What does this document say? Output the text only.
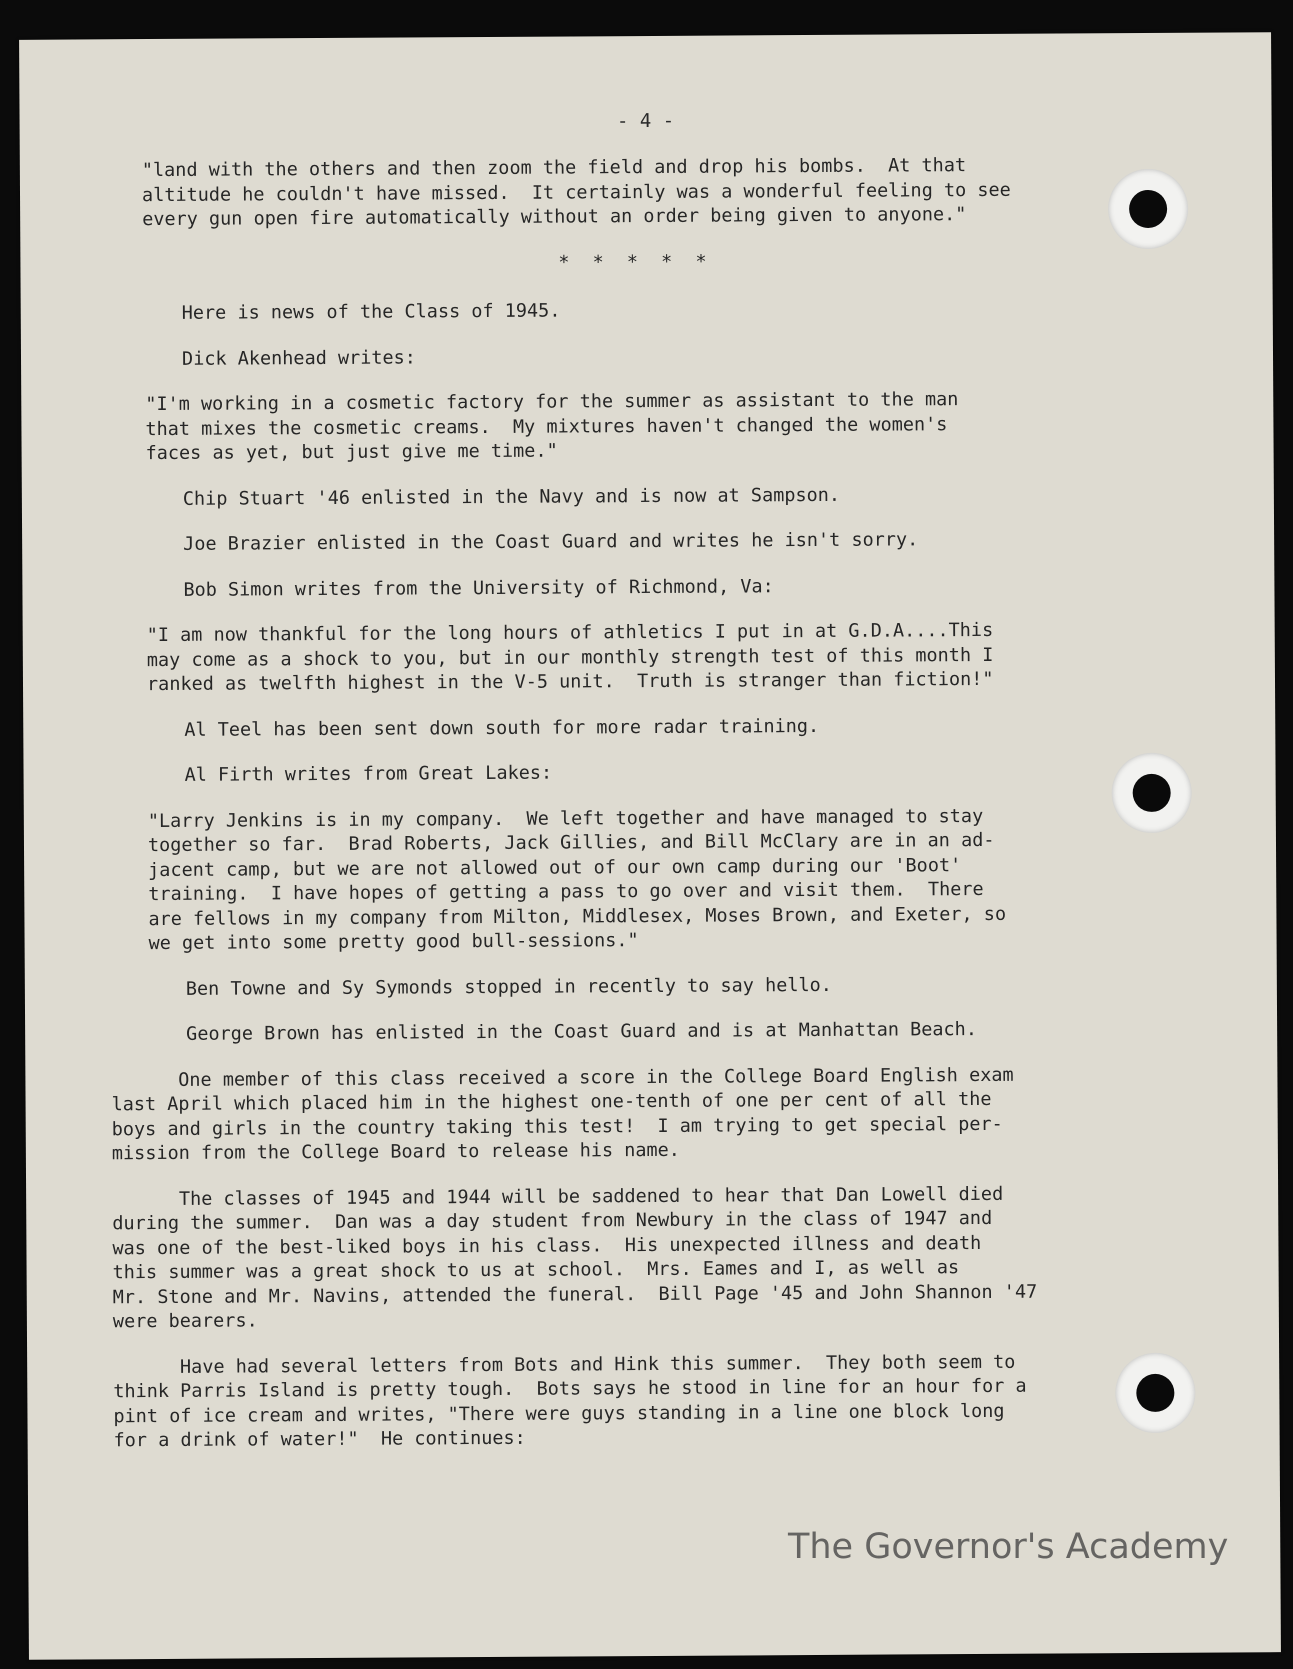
- 4 -

"land with the others and then zoom the field and drop his bombs.  At that
altitude he couldn't have missed.  It certainly was a wonderful feeling to see
every gun open fire automatically without an order being given to anyone."

* * * * *

Here is news of the Class of 1945.

Dick Akenhead writes:

"I'm working in a cosmetic factory for the summer as assistant to the man
that mixes the cosmetic creams.  My mixtures haven't changed the women's
faces as yet, but just give me time."

Chip Stuart '46 enlisted in the Navy and is now at Sampson.

Joe Brazier enlisted in the Coast Guard and writes he isn't sorry.

Bob Simon writes from the University of Richmond, Va:

"I am now thankful for the long hours of athletics I put in at G.D.A....This
may come as a shock to you, but in our monthly strength test of this month I
ranked as twelfth highest in the V-5 unit.  Truth is stranger than fiction!"

Al Teel has been sent down south for more radar training.

Al Firth writes from Great Lakes:

"Larry Jenkins is in my company.  We left together and have managed to stay
together so far.  Brad Roberts, Jack Gillies, and Bill McClary are in an ad-
jacent camp, but we are not allowed out of our own camp during our 'Boot'
training.  I have hopes of getting a pass to go over and visit them.  There
are fellows in my company from Milton, Middlesex, Moses Brown, and Exeter, so
we get into some pretty good bull-sessions."

Ben Towne and Sy Symonds stopped in recently to say hello.

George Brown has enlisted in the Coast Guard and is at Manhattan Beach.

One member of this class received a score in the College Board English exam
last April which placed him in the highest one-tenth of one per cent of all the
boys and girls in the country taking this test!  I am trying to get special per-
mission from the College Board to release his name.

The classes of 1945 and 1944 will be saddened to hear that Dan Lowell died
during the summer.  Dan was a day student from Newbury in the class of 1947 and
was one of the best-liked boys in his class.  His unexpected illness and death
this summer was a great shock to us at school.  Mrs. Eames and I, as well as
Mr. Stone and Mr. Navins, attended the funeral.  Bill Page '45 and John Shannon '47
were bearers.

Have had several letters from Bots and Hink this summer.  They both seem to
think Parris Island is pretty tough.  Bots says he stood in line for an hour for a
pint of ice cream and writes, "There were guys standing in a line one block long
for a drink of water!"  He continues:

The Governor's Academy
